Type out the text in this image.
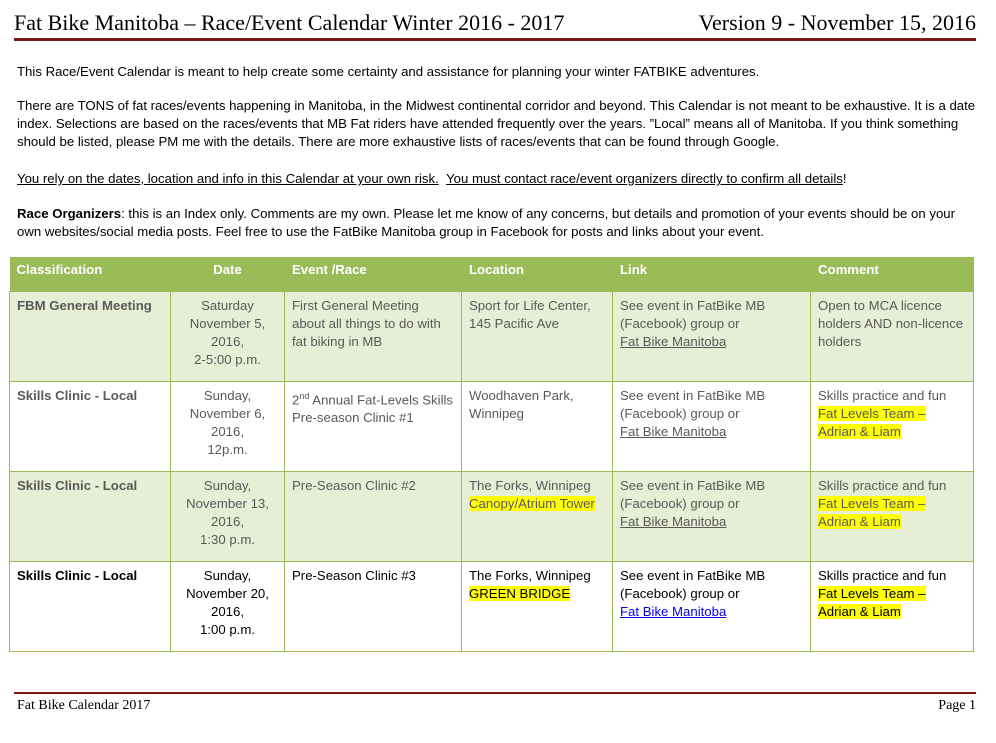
Fat Bike Manitoba – Race/Event Calendar Winter 2016 - 2017	Version 9 - November 15, 2016
This Race/Event Calendar is meant to help create some certainty and assistance for planning your winter FATBIKE adventures.
There are TONS of fat races/events happening in Manitoba, in the Midwest continental corridor and beyond. This Calendar is not meant to be exhaustive. It is a date index. Selections are based on the races/events that MB Fat riders have attended frequently over the years. ”Local” means all of Manitoba. If you think something should be listed, please PM me with the details. There are more exhaustive lists of races/events that can be found through Google.
You rely on the dates, location and info in this Calendar at your own risk. You must contact race/event organizers directly to confirm all details!
Race Organizers: this is an Index only. Comments are my own. Please let me know of any concerns, but details and promotion of your events should be on your own websites/social media posts. Feel free to use the FatBike Manitoba group in Facebook for posts and links about your event.
Classification	Date	Event /Race	Location	Link	Comment
FBM General Meeting	Saturday
November 5,
2016,
2-5:00 p.m.	First General Meeting about all things to do with fat biking in MB	Sport for Life Center, 145 Pacific Ave	See event in FatBike MB (Facebook) group or
Fat Bike Manitoba	Open to MCA licence holders AND non-licence holders
Skills Clinic - Local	Sunday,
November 6,
2016,
12p.m.	2nd Annual Fat-Levels Skills Pre-season Clinic #1	Woodhaven Park, Winnipeg	See event in FatBike MB (Facebook) group or
Fat Bike Manitoba	Skills practice and fun
Fat Levels Team – Adrian & Liam
Skills Clinic - Local	Sunday,
November 13,
2016,
1:30 p.m.	Pre-Season Clinic #2	The Forks, Winnipeg
Canopy/Atrium Tower	See event in FatBike MB (Facebook) group or
Fat Bike Manitoba	Skills practice and fun
Fat Levels Team – Adrian & Liam
Skills Clinic - Local	Sunday,
November 20,
2016,
1:00 p.m.	Pre-Season Clinic #3	The Forks, Winnipeg
GREEN BRIDGE	See event in FatBike MB (Facebook) group or
Fat Bike Manitoba	Skills practice and fun
Fat Levels Team – Adrian & Liam
Fat Bike Calendar 2017	Page 1
